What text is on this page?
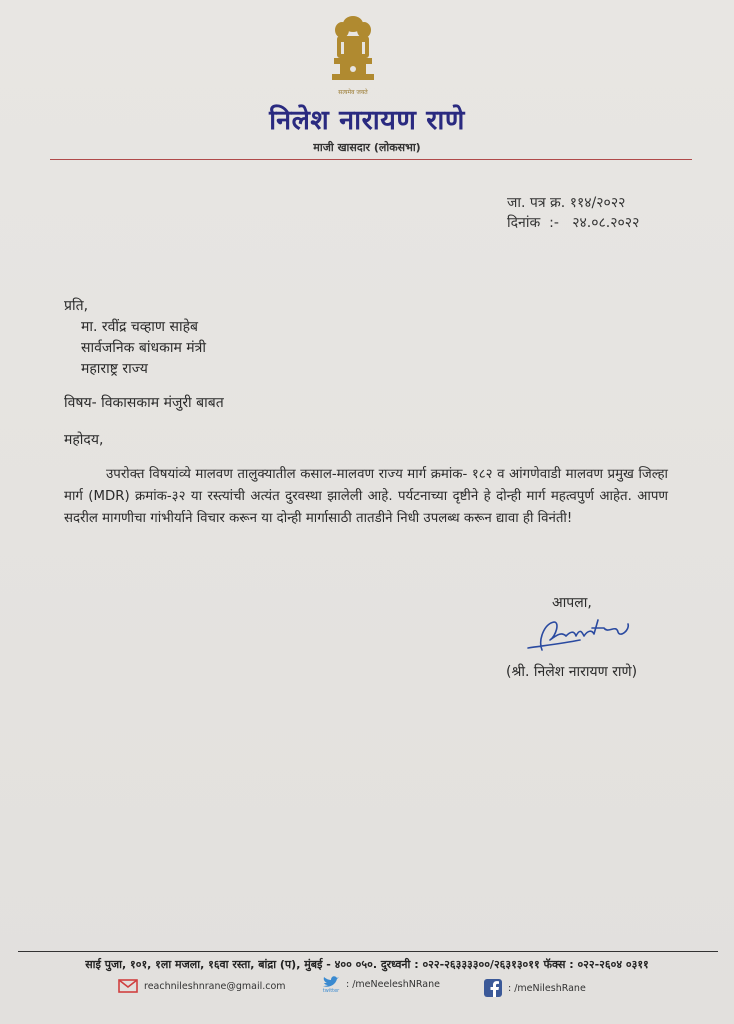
सत्यमेव जयते
निलेश नारायण राणे
माजी खासदार (लोकसभा)
जा. पत्र क्र. ११४/२०२२
दिनांक  :-   २४.०८.२०२२
प्रति,
मा. रवींद्र चव्हाण साहेब
सार्वजनिक बांधकाम मंत्री
महाराष्ट्र राज्य
विषय- विकासकाम मंजुरी बाबत
महोदय,
उपरोक्त विषयांव्ये मालवण तालुक्यातील कसाल-मालवण राज्य मार्ग क्रमांक- १८२ व आंगणेवाडी मालवण प्रमुख जिल्हा मार्ग (MDR) क्रमांक-३२ या रस्त्यांची अत्यंत दुरवस्था झालेली आहे. पर्यटनाच्या दृष्टीने हे दोन्ही मार्ग महत्वपुर्ण आहेत. आपण सदरील मागणीचा गांभीर्याने विचार करून या दोन्ही मार्गासाठी तातडीने निधी उपलब्ध करून द्यावा ही विनंती!
आपला,
(श्री. निलेश नारायण राणे)
साई पुजा, १०१, १ला मजला, १६वा रस्ता, बांद्रा (प), मुंबई - ४०० ०५०. दुरध्वनी : ०२२-२६३३३३००/२६३१३०११ फॅक्स : ०२२-२६०४ ०३११
reachnileshnrane@gmail.com	twitter
: /meNeeleshNRane	: /meNileshRane
